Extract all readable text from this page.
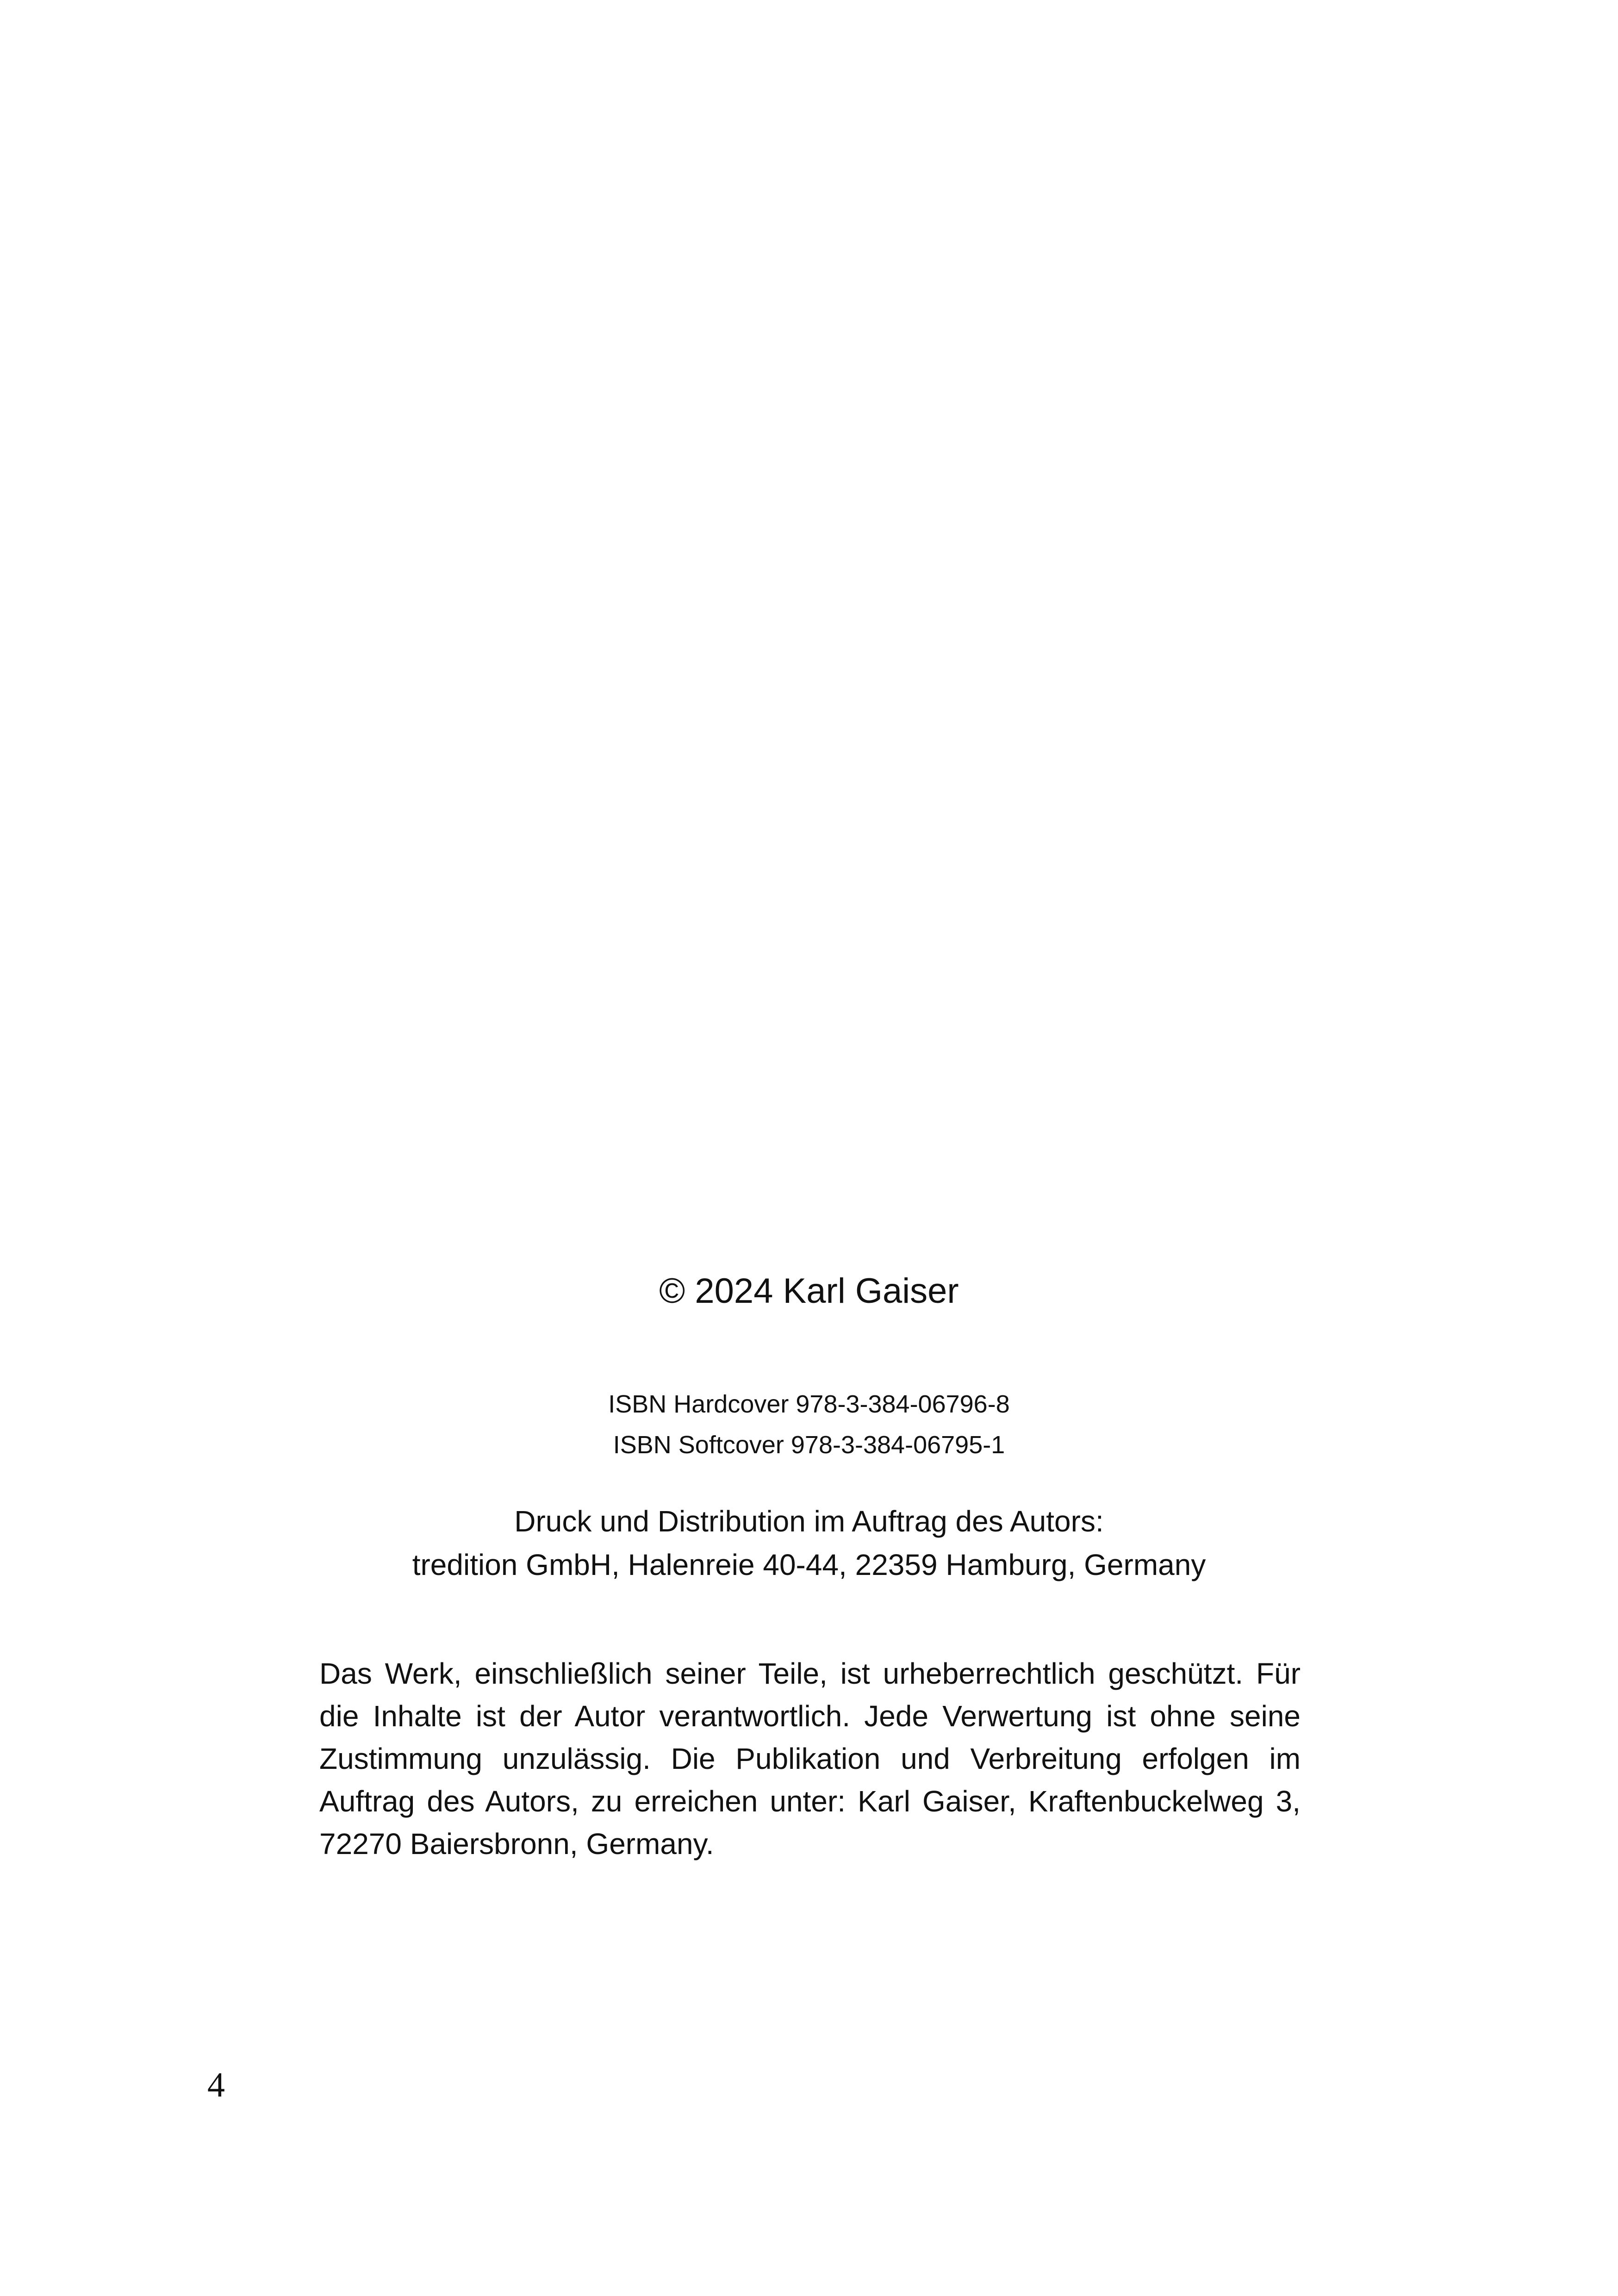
© 2024 Karl Gaiser
ISBN Hardcover 978-3-384-06796-8
ISBN Softcover 978-3-384-06795-1
Druck und Distribution im Auftrag des Autors:
tredition GmbH, Halenreie 40-44, 22359 Hamburg, Germany
Das Werk, einschließlich seiner Teile, ist urheberrechtlich geschützt. Für die Inhalte ist der Autor verantwortlich. Jede Verwertung ist ohne seine Zustimmung unzulässig. Die Publikation und Verbreitung erfolgen im Auftrag des Autors, zu erreichen unter: Karl Gaiser, Kraftenbuckelweg 3, 72270 Baiersbronn, Germany.
4
